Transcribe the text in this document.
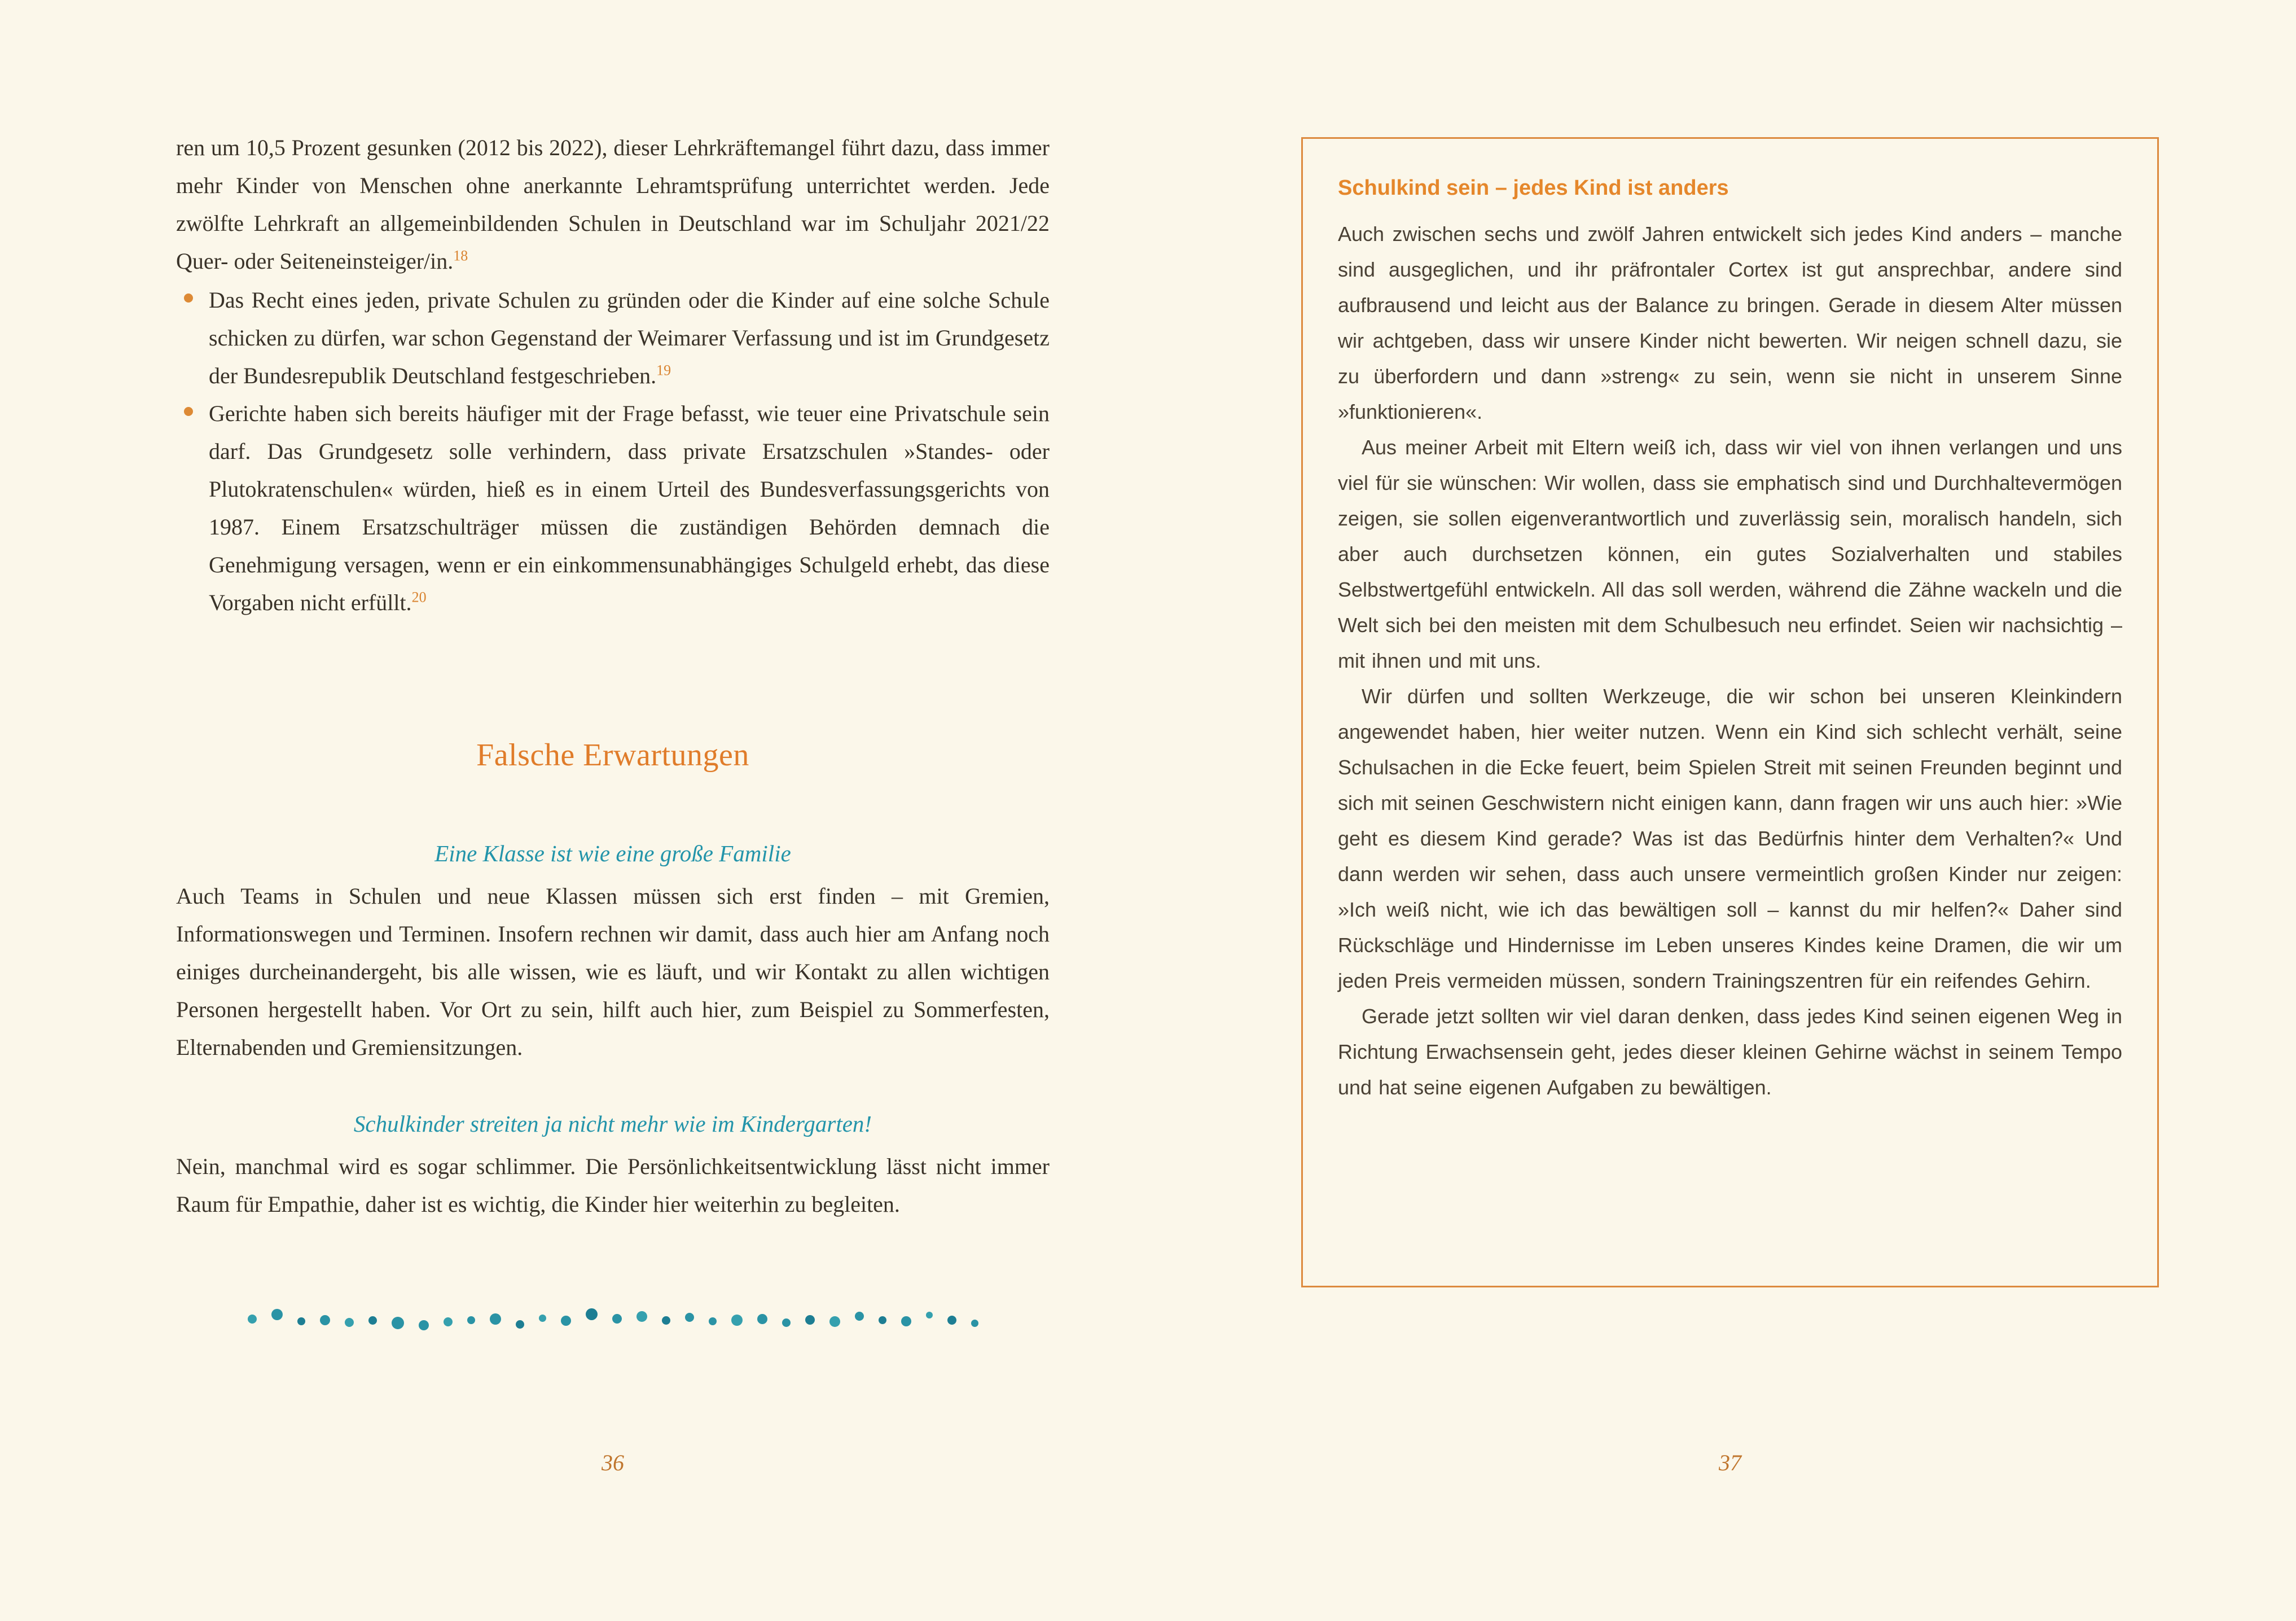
ren um 10,5 Prozent gesunken (2012 bis 2022), dieser Lehrkräftemangel führt dazu, dass immer mehr Kinder von Menschen ohne anerkannte Lehramtsprüfung unterrichtet werden. Jede zwölfte Lehrkraft an allgemeinbildenden Schulen in Deutschland war im Schuljahr 2021/22 Quer- oder Seiteneinsteiger/in.$^{18}$

Das Recht eines jeden, private Schulen zu gründen oder die Kinder auf eine solche Schule schicken zu dürfen, war schon Gegenstand der Weimarer Verfassung und ist im Grundgesetz der Bundesrepublik Deutschland festgeschrieben.$^{19}$
Gerichte haben sich bereits häufiger mit der Frage befasst, wie teuer eine Privatschule sein darf. Das Grundgesetz solle verhindern, dass private Ersatzschulen »Standes- oder Plutokratenschulen« würden, hieß es in einem Urteil des Bundesverfassungsgerichts von 1987. Einem Ersatzschulträger müssen die zuständigen Behörden demnach die Genehmigung versagen, wenn er ein einkommensunabhängiges Schulgeld erhebt, das diese Vorgaben nicht erfüllt.$^{20}$
Falsche Erwartungen
Eine Klasse ist wie eine große Familie

Auch Teams in Schulen und neue Klassen müssen sich erst finden – mit Gremien, Informationswegen und Terminen. Insofern rechnen wir damit, dass auch hier am Anfang noch einiges durcheinandergeht, bis alle wissen, wie es läuft, und wir Kontakt zu allen wichtigen Personen hergestellt haben. Vor Ort zu sein, hilft auch hier, zum Beispiel zu Sommerfesten, Elternabenden und Gremiensitzungen.

Schulkinder streiten ja nicht mehr wie im Kindergarten!

Nein, manchmal wird es sogar schlimmer. Die Persönlichkeitsentwicklung lässt nicht immer Raum für Empathie, daher ist es wichtig, die Kinder hier weiterhin zu begleiten.

36
Schulkind sein – jedes Kind ist anders

Auch zwischen sechs und zwölf Jahren entwickelt sich jedes Kind anders – manche sind ausgeglichen, und ihr präfrontaler Cortex ist gut ansprechbar, andere sind aufbrausend und leicht aus der Balance zu bringen. Gerade in diesem Alter müssen wir achtgeben, dass wir unsere Kinder nicht bewerten. Wir neigen schnell dazu, sie zu überfordern und dann »streng« zu sein, wenn sie nicht in unserem Sinne »funktionieren«.

Aus meiner Arbeit mit Eltern weiß ich, dass wir viel von ihnen verlangen und uns viel für sie wünschen: Wir wollen, dass sie emphatisch sind und Durchhaltevermögen zeigen, sie sollen eigenverantwortlich und zuverlässig sein, moralisch handeln, sich aber auch durchsetzen können, ein gutes Sozialverhalten und stabiles Selbstwertgefühl entwickeln. All das soll werden, während die Zähne wackeln und die Welt sich bei den meisten mit dem Schulbesuch neu erfindet. Seien wir nachsichtig – mit ihnen und mit uns.

Wir dürfen und sollten Werkzeuge, die wir schon bei unseren Kleinkindern angewendet haben, hier weiter nutzen. Wenn ein Kind sich schlecht verhält, seine Schulsachen in die Ecke feuert, beim Spielen Streit mit seinen Freunden beginnt und sich mit seinen Geschwistern nicht einigen kann, dann fragen wir uns auch hier: »Wie geht es diesem Kind gerade? Was ist das Bedürfnis hinter dem Verhalten?« Und dann werden wir sehen, dass auch unsere vermeintlich großen Kinder nur zeigen: »Ich weiß nicht, wie ich das bewältigen soll – kannst du mir helfen?« Daher sind Rückschläge und Hindernisse im Leben unseres Kindes keine Dramen, die wir um jeden Preis vermeiden müssen, sondern Trainingszentren für ein reifendes Gehirn.

Gerade jetzt sollten wir viel daran denken, dass jedes Kind seinen eigenen Weg in Richtung Erwachsensein geht, jedes dieser kleinen Gehirne wächst in seinem Tempo und hat seine eigenen Aufgaben zu bewältigen.

37
